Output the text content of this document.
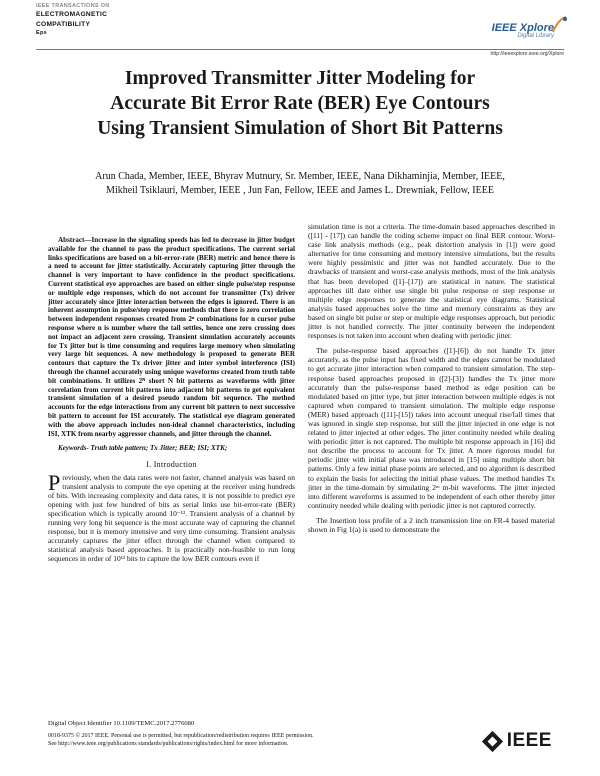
IEEE TRANSACTIONS ON
ELECTROMAGNETIC
COMPATIBILITY
Eps	IEEE Xplore
Digital Library
http://ieeexplore.ieee.org/Xplore
Improved Transmitter Jitter Modeling for
Accurate Bit Error Rate (BER) Eye Contours
Using Transient Simulation of Short Bit Patterns
Arun Chada, Member, IEEE, Bhyrav Mutnury, Sr. Member, IEEE, Nana Dikhaminjia, Member, IEEE,
Mikheil Tsiklauri, Member, IEEE , Jun Fan, Fellow, IEEE and James L. Drewniak, Fellow, IEEE

Abstract—Increase in the signaling speeds has led to decrease in jitter budget available for the channel to pass the product specifications. The current serial links specifications are based on a bit-error-rate (BER) metric and hence there is a need to account for jitter statistically. Accurately capturing jitter through the channel is very important to have confidence in the product specifications. Current statistical eye approaches are based on either single pulse/step response or multiple edge responses, which do not account for transmitter (Tx) driver jitter accurately since jitter interaction between the edges is ignored. There is an inherent assumption in pulse/step response methods that there is zero correlation between independent responses created from 2ⁿ combinations for n cursor pulse response where n is number where the tail settles, hence one zero crossing does not impact an adjacent zero crossing. Transient simulation accurately accounts for Tx jitter but is time consuming and requires large memory when simulating very large bit sequences. A new methodology is proposed to generate BER contours that capture the Tx driver jitter and inter symbol interference (ISI) through the channel accurately using unique waveforms created from truth table bit combinations. It utilizes 2ᴺ short N bit patterns as waveforms with jitter correlation from current bit patterns into adjacent bit patterns to get equivalent transient simulation of a desired pseudo random bit sequence. The method accounts for the edge interactions from any current bit pattern to next successive bit pattern to account for ISI accurately. The statistical eye diagram generated with the above approach includes non-ideal channel characteristics, including ISI, XTK from nearby aggressor channels, and jitter through the channel.

Keywords- Truth table pattern; Tx Jitter; BER; ISI; XTK;

I. Introduction

Previously, when the data rates were not faster, channel analysis was based on transient analysis to compute the eye opening at the receiver using hundreds of bits. With increasing complexity and data rates, it is not possible to predict eye opening with just few hundred of bits as serial links use bit-error-rate (BER) specification which is typically around 10⁻¹². Transient analysis of a channel by running very long bit sequence is the most accurate way of capturing the channel response, but it is memory intensive and very time consuming. Transient analysis accurately captures the jitter effect through the channel when compared to statistical analysis based approaches. It is practically non-feasible to run long sequences in order of 10¹² bits to capture the low BER contours even if

simulation time is not a criteria. The time-domain based approaches described in ([11] - [17]) can handle the coding scheme impact on final BER contour. Worst-case link analysis methods (e.g., peak distortion analysis in [1]) were good alternative for time consuming and memory intensive simulations, but the results were highly pessimistic and jitter was not handled accurately. Due to the drawbacks of transient and worst-case analysis methods, most of the link analysis that has been developed ([1]–[17]) are statistical in nature. The statistical approaches till date either use single bit pulse response or step response or multiple edge responses to generate the statistical eye diagrams. Statistical analysis based approaches solve the time and memory constraints as they are based on single bit pulse or step or multiple edge responses approach, but periodic jitter is not handled correctly. The jitter continuity between the independent responses is not taken into account when dealing with periodic jitter.

The pulse-response based approaches ([1]-[6]) do not handle Tx jitter accurately, as the pulse input has fixed width and the edges cannot be modulated to get accurate jitter interaction when compared to transient simulation. The step-response based approaches proposed in ([2]-[3]) handles the Tx jitter more accurately than the pulse-response based method as edge position can be modulated based on jitter type, but jitter interaction between multiple edges is not captured when compared to transient simulation. The multiple edge response (MER) based approach ([11]-[15]) takes into account unequal rise/fall times that was ignored in single step response, but still the jitter injected in one edge is not related to jitter injected at other edges. The jitter continuity needed while dealing with periodic jitter is not captured. The multiple bit response approach in [16] did not describe the process to account for Tx jitter. A more rigorous model for periodic jitter with initial phase was introduced in [15] using multiple short bit patterns. Only a few initial phase points are selected, and no algorithm is described to explain the basis for selecting the initial phase values. The method handles Tx jitter in the time-domain by simulating 2ᵐ m-bit waveforms. The jitter injected into different waveforms is assumed to be independent of each other thereby jitter continuity needed while dealing with periodic jitter is not captured correctly.

The Insertion loss profile of a 2 inch transmission line on FR-4 based material shown in Fig 1(a) is used to demonstrate the

Digital Object Identifier 10.1109/TEMC.2017.2776080
0018-9375 © 2017 IEEE. Personal use is permitted, but republication/redistribution requires IEEE permission.
See http://www.ieee.org/publications standards/publications/rights/index.html for more information.	IEEE
